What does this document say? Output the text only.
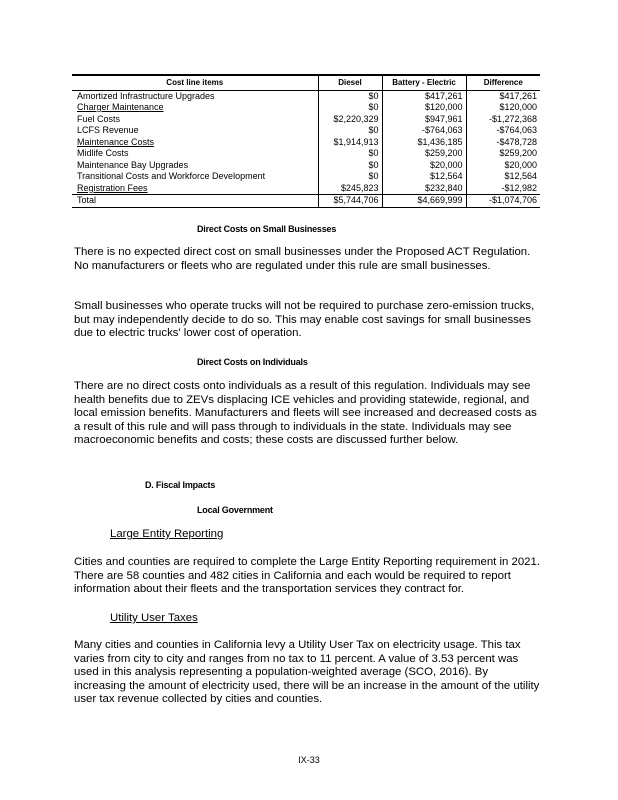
Cost line items	Diesel	Battery - Electric	Difference
Amortized Infrastructure Upgrades	$0	$417,261	$417,261
Charger Maintenance	$0	$120,000	$120,000
Fuel Costs	$2,220,329	$947,961	-$1,272,368
LCFS Revenue	$0	-$764,063	-$764,063
Maintenance Costs	$1,914,913	$1,436,185	-$478,728
Midlife Costs	$0	$259,200	$259,200
Maintenance Bay Upgrades	$0	$20,000	$20,000
Transitional Costs and Workforce Development	$0	$12,564	$12,564
Registration Fees	$245,823	$232,840	-$12,982
Total	$5,744,706	$4,669,999	-$1,074,706
Direct Costs on Small Businesses

There is no expected direct cost on small businesses under the Proposed ACT Regulation. No manufacturers or fleets who are regulated under this rule are small businesses.

Small businesses who operate trucks will not be required to purchase zero-emission trucks, but may independently decide to do so. This may enable cost savings for small businesses due to electric trucks' lower cost of operation.

Direct Costs on Individuals

There are no direct costs onto individuals as a result of this regulation. Individuals may see health benefits due to ZEVs displacing ICE vehicles and providing statewide, regional, and local emission benefits. Manufacturers and fleets will see increased and decreased costs as a result of this rule and will pass through to individuals in the state. Individuals may see macroeconomic benefits and costs; these costs are discussed further below.

D. Fiscal Impacts
Local Government
Large Entity Reporting

Cities and counties are required to complete the Large Entity Reporting requirement in 2021. There are 58 counties and 482 cities in California and each would be required to report information about their fleets and the transportation services they contract for.

Utility User Taxes

Many cities and counties in California levy a Utility User Tax on electricity usage. This tax varies from city to city and ranges from no tax to 11 percent. A value of 3.53 percent was used in this analysis representing a population-weighted average (SCO, 2016). By increasing the amount of electricity used, there will be an increase in the amount of the utility user tax revenue collected by cities and counties.

IX-33
